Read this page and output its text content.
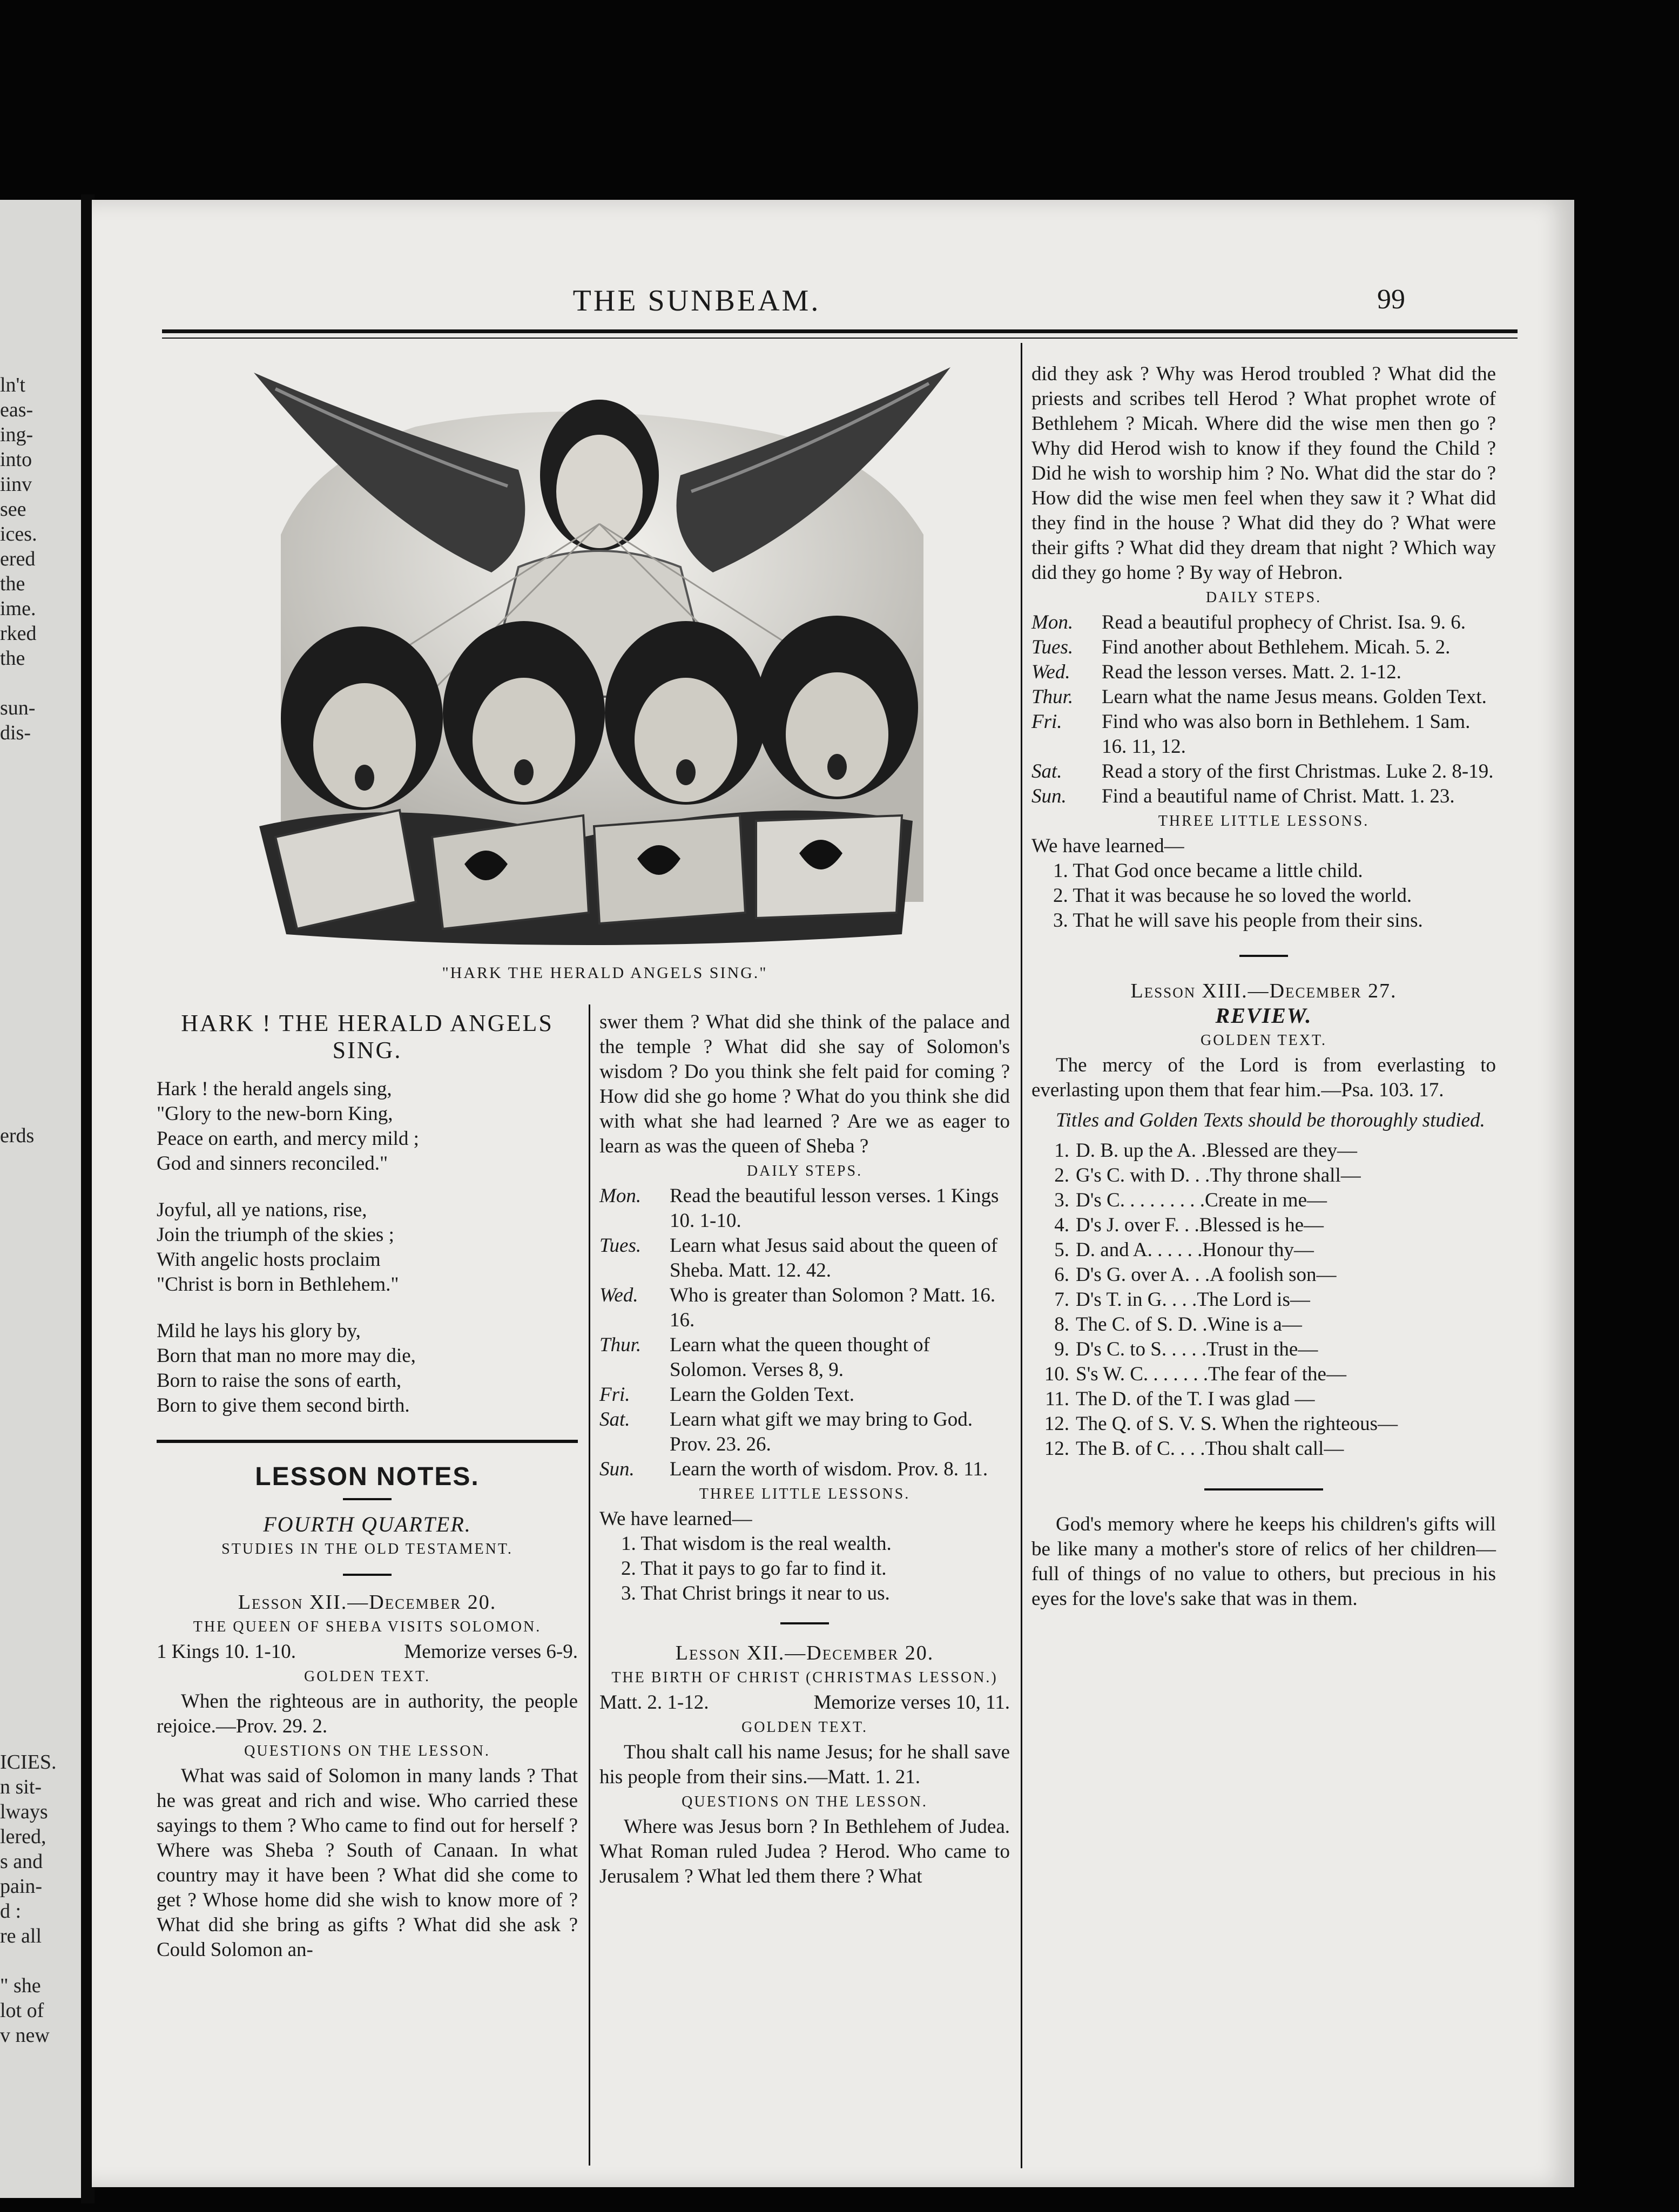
ln't
eas-
ing-
into
iinv
see
ices.
ered
the
ime.
rked
the

sun-
dis-
erds
ICIES.
n sit-
lways
lered,
s and
pain-
d :
re all

" she
lot of
v new
THE SUNBEAM.	99
"HARK THE HERALD ANGELS SING."

HARK ! THE HERALD ANGELS SING.

Hark ! the herald angels sing,
"Glory to the new-born King,
Peace on earth, and mercy mild ;
God and sinners reconciled."
Joyful, all ye nations, rise,
Join the triumph of the skies ;
With angelic hosts proclaim
"Christ is born in Bethlehem."
Mild he lays his glory by,
Born that man no more may die,
Born to raise the sons of earth,
Born to give them second birth.

LESSON NOTES.

FOURTH QUARTER.

STUDIES IN THE OLD TESTAMENT.

Lesson XII.—December 20.

THE QUEEN OF SHEBA VISITS SOLOMON.

1 Kings 10. 1-10.	Memorize verses 6-9.

GOLDEN TEXT.

When the righteous are in authority, the people rejoice.—Prov. 29. 2.

QUESTIONS ON THE LESSON.

What was said of Solomon in many lands ? That he was great and rich and wise. Who carried these sayings to them ? Who came to find out for herself ? Where was Sheba ? South of Canaan. In what country may it have been ? What did she come to get ? Whose home did she wish to know more of ? What did she bring as gifts ? What did she ask ? Could Solomon an-

swer them ? What did she think of the palace and the temple ? What did she say of Solomon's wisdom ? Do you think she felt paid for coming ? How did she go home ? What do you think she did with what she had learned ? Are we as eager to learn as was the queen of Sheba ?

DAILY STEPS.

Mon.	Read the beautiful lesson verses. 1 Kings 10. 1-10.
Tues.	Learn what Jesus said about the queen of Sheba. Matt. 12. 42.
Wed.	Who is greater than Solomon ? Matt. 16. 16.
Thur.	Learn what the queen thought of Solomon. Verses 8, 9.
Fri.	Learn the Golden Text.
Sat.	Learn what gift we may bring to God. Prov. 23. 26.
Sun.	Learn the worth of wisdom. Prov. 8. 11.

THREE LITTLE LESSONS.

We have learned—

1. That wisdom is the real wealth.
2. That it pays to go far to find it.
3. That Christ brings it near to us.

Lesson XII.—December 20.

THE BIRTH OF CHRIST (CHRISTMAS LESSON.)

Matt. 2. 1-12.	Memorize verses 10, 11.

GOLDEN TEXT.

Thou shalt call his name Jesus; for he shall save his people from their sins.—Matt. 1. 21.

QUESTIONS ON THE LESSON.

Where was Jesus born ? In Bethlehem of Judea. What Roman ruled Judea ? Herod. Who came to Jerusalem ? What led them there ? What

did they ask ? Why was Herod troubled ? What did the priests and scribes tell Herod ? What prophet wrote of Bethlehem ? Micah. Where did the wise men then go ? Why did Herod wish to know if they found the Child ? Did he wish to worship him ? No. What did the star do ? How did the wise men feel when they saw it ? What did they find in the house ? What did they do ? What were their gifts ? What did they dream that night ? Which way did they go home ? By way of Hebron.

DAILY STEPS.

Mon.	Read a beautiful prophecy of Christ. Isa. 9. 6.
Tues.	Find another about Bethlehem. Micah. 5. 2.
Wed.	Read the lesson verses. Matt. 2. 1-12.
Thur.	Learn what the name Jesus means. Golden Text.
Fri.	Find who was also born in Bethlehem. 1 Sam. 16. 11, 12.
Sat.	Read a story of the first Christmas. Luke 2. 8-19.
Sun.	Find a beautiful name of Christ. Matt. 1. 23.

THREE LITTLE LESSONS.

We have learned—

1. That God once became a little child.
2. That it was because he so loved the world.
3. That he will save his people from their sins.

Lesson XIII.—December 27.

REVIEW.

GOLDEN TEXT.

The mercy of the Lord is from everlasting to everlasting upon them that fear him.—Psa. 103. 17.

Titles and Golden Texts should be thoroughly studied.

1. D. B. up the A. .Blessed are they—
2. G's C. with D. . .Thy throne shall—
3. D's C. . . . . . . . .Create in me—
4. D's J. over F. . .Blessed is he—
5. D. and A. . . . . .Honour thy—
6. D's G. over A. . .A foolish son—
7. D's T. in G. . . .The Lord is—
8. The C. of S. D. .Wine is a—
9. D's C. to S. . . . .Trust in the—
10. S's W. C. . . . . . .The fear of the—
11. The D. of the T. I was glad —
12. The Q. of S. V. S. When the righteous—
12. The B. of C. . . .Thou shalt call—

God's memory where he keeps his children's gifts will be like many a mother's store of relics of her children—full of things of no value to others, but precious in his eyes for the love's sake that was in them.
